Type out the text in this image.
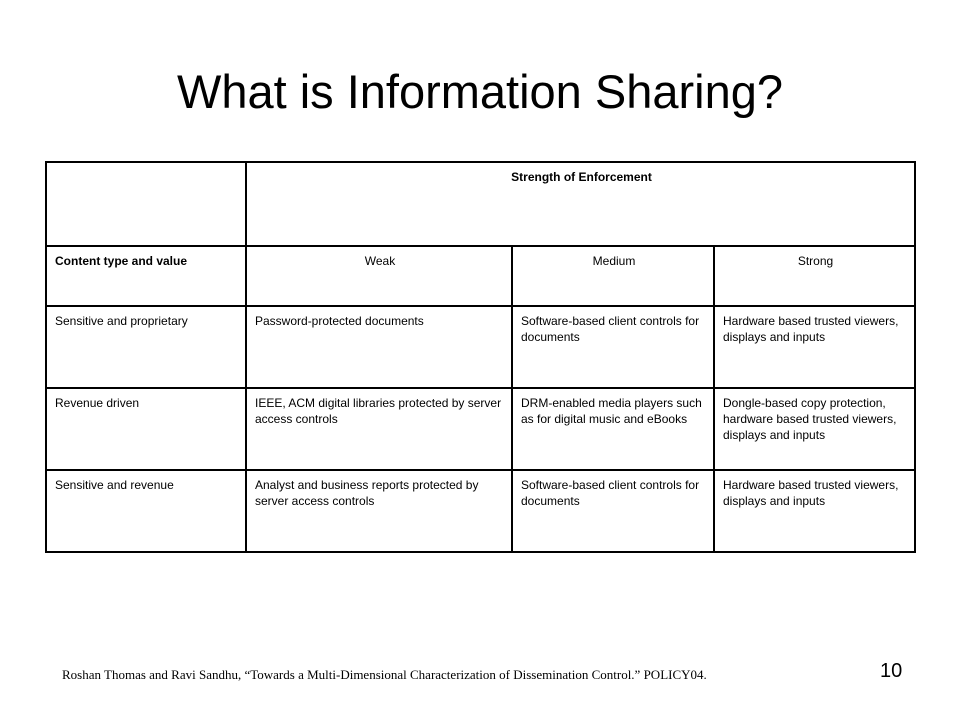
What is Information Sharing?
	Strength of Enforcement		
Content type and value	Weak	Medium	Strong
Sensitive and proprietary	Password-protected documents	Software-based client controls for documents	Hardware based trusted viewers, displays and inputs
Revenue driven	IEEE, ACM digital libraries protected by server access controls	DRM-enabled media players such as for digital music and eBooks	Dongle-based copy protection, hardware based trusted viewers, displays and inputs
Sensitive and revenue	Analyst and business reports protected by server access controls	Software-based client controls for documents	Hardware based trusted viewers, displays and inputs
Roshan Thomas and Ravi Sandhu, “Towards a Multi-Dimensional Characterization of Dissemination Control.” POLICY04.	10
